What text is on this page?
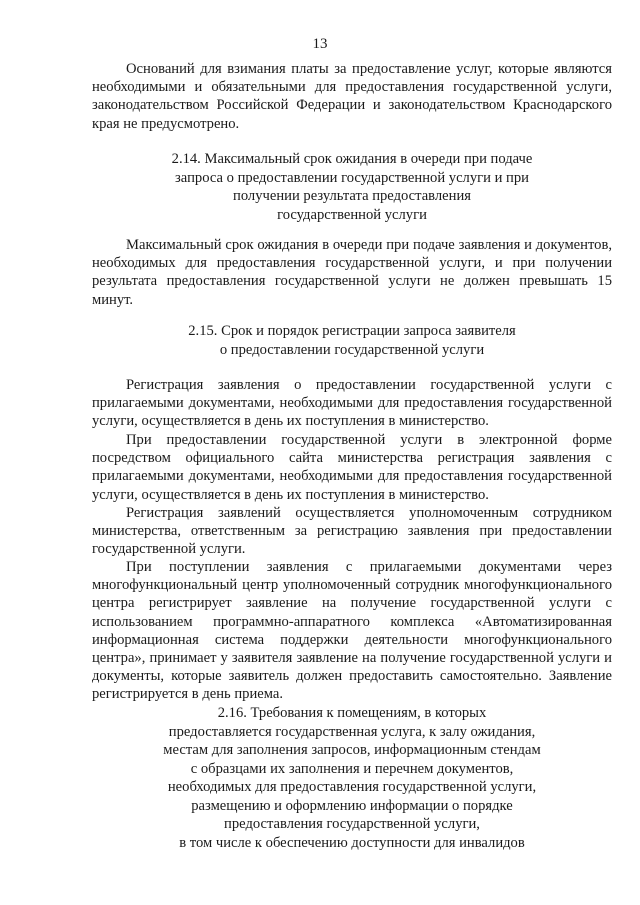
13

Оснований для взимания платы за предоставление услуг, которые являются необходимыми и обязательными для предоставления государственной услуги, законодательством Российской Федерации и законодательством Краснодарского края не предусмотрено.

2.14. Максимальный срок ожидания в очереди при подаче
запроса о предоставлении государственной услуги и при
получении результата предоставления
государственной услуги

Максимальный срок ожидания в очереди при подаче заявления и документов, необходимых для предоставления государственной услуги, и при получении результата предоставления государственной услуги не должен превышать 15 минут.

2.15. Срок и порядок регистрации запроса заявителя
о предоставлении государственной услуги

Регистрация заявления о предоставлении государственной услуги с прилагаемыми документами, необходимыми для предоставления государственной услуги, осуществляется в день их поступления в министерство.

При предоставлении государственной услуги в электронной форме посредством официального сайта министерства регистрация заявления с прилагаемыми документами, необходимыми для предоставления государственной услуги, осуществляется в день их поступления в министерство.

Регистрация заявлений осуществляется уполномоченным сотрудником министерства, ответственным за регистрацию заявления при предоставлении государственной услуги.

При поступлении заявления с прилагаемыми документами через многофункциональный центр уполномоченный сотрудник многофункционального центра регистрирует заявление на получение государственной услуги с использованием программно-аппаратного комплекса «Автоматизированная информационная система поддержки деятельности многофункционального центра», принимает у заявителя заявление на получение государственной услуги и документы, которые заявитель должен предоставить самостоятельно. Заявление регистрируется в день приема.

2.16. Требования к помещениям, в которых
предоставляется государственная услуга, к залу ожидания,
местам для заполнения запросов, информационным стендам
с образцами их заполнения и перечнем документов,
необходимых для предоставления государственной услуги,
размещению и оформлению информации о порядке
предоставления государственной услуги,
в том числе к обеспечению доступности для инвалидов
